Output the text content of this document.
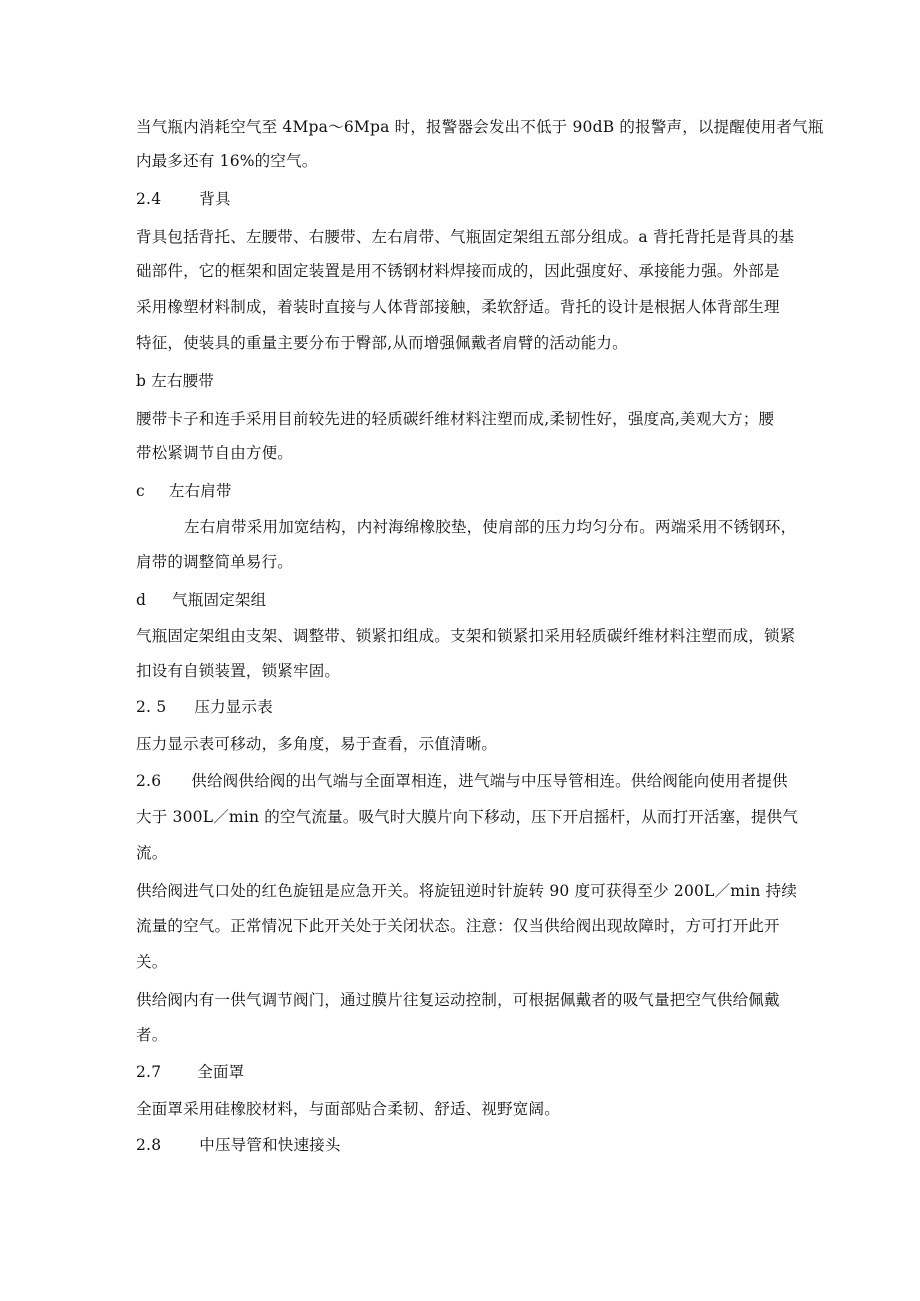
当气瓶内消耗空气至 4Mpa～6Mpa 时，报警器会发出不低于 90dB 的报警声，以提醒使用者气瓶
内最多还有 16%的空气。
2.4 背具
背具包括背托、左腰带、右腰带、左右肩带、气瓶固定架组五部分组成。a 背托背托是背具的基
础部件，它的框架和固定装置是用不锈钢材料焊接而成的，因此强度好、承接能力强。外部是
采用橡塑材料制成，着装时直接与人体背部接触，柔软舒适。背托的设计是根据人体背部生理
特征，使装具的重量主要分布于臀部,从而增强佩戴者肩臂的活动能力。
b 左右腰带
腰带卡子和连手采用目前较先进的轻质碳纤维材料注塑而成,柔韧性好，强度高,美观大方；腰
带松紧调节自由方便。
c 左右肩带
左右肩带采用加宽结构，内衬海绵橡胶垫，使肩部的压力均匀分布。两端采用不锈钢环，
肩带的调整简单易行。
d 气瓶固定架组
气瓶固定架组由支架、调整带、锁紧扣组成。支架和锁紧扣采用轻质碳纤维材料注塑而成，锁紧
扣设有自锁装置，锁紧牢固。
2. 5 压力显示表
压力显示表可移动，多角度，易于查看，示值清晰。
2.6 供给阀供给阀的出气端与全面罩相连，进气端与中压导管相连。供给阀能向使用者提供
大于 300L／min 的空气流量。吸气时大膜片向下移动，压下开启摇杆，从而打开活塞，提供气
流。
供给阀进气口处的红色旋钮是应急开关。将旋钮逆时针旋转 90 度可获得至少 200L／min 持续
流量的空气。正常情况下此开关处于关闭状态。注意：仅当供给阀出现故障时，方可打开此开
关。
供给阀内有一供气调节阀门，通过膜片往复运动控制，可根据佩戴者的吸气量把空气供给佩戴
者。
2.7 全面罩
全面罩采用硅橡胶材料，与面部贴合柔韧、舒适、视野宽阔。
2.8 中压导管和快速接头
